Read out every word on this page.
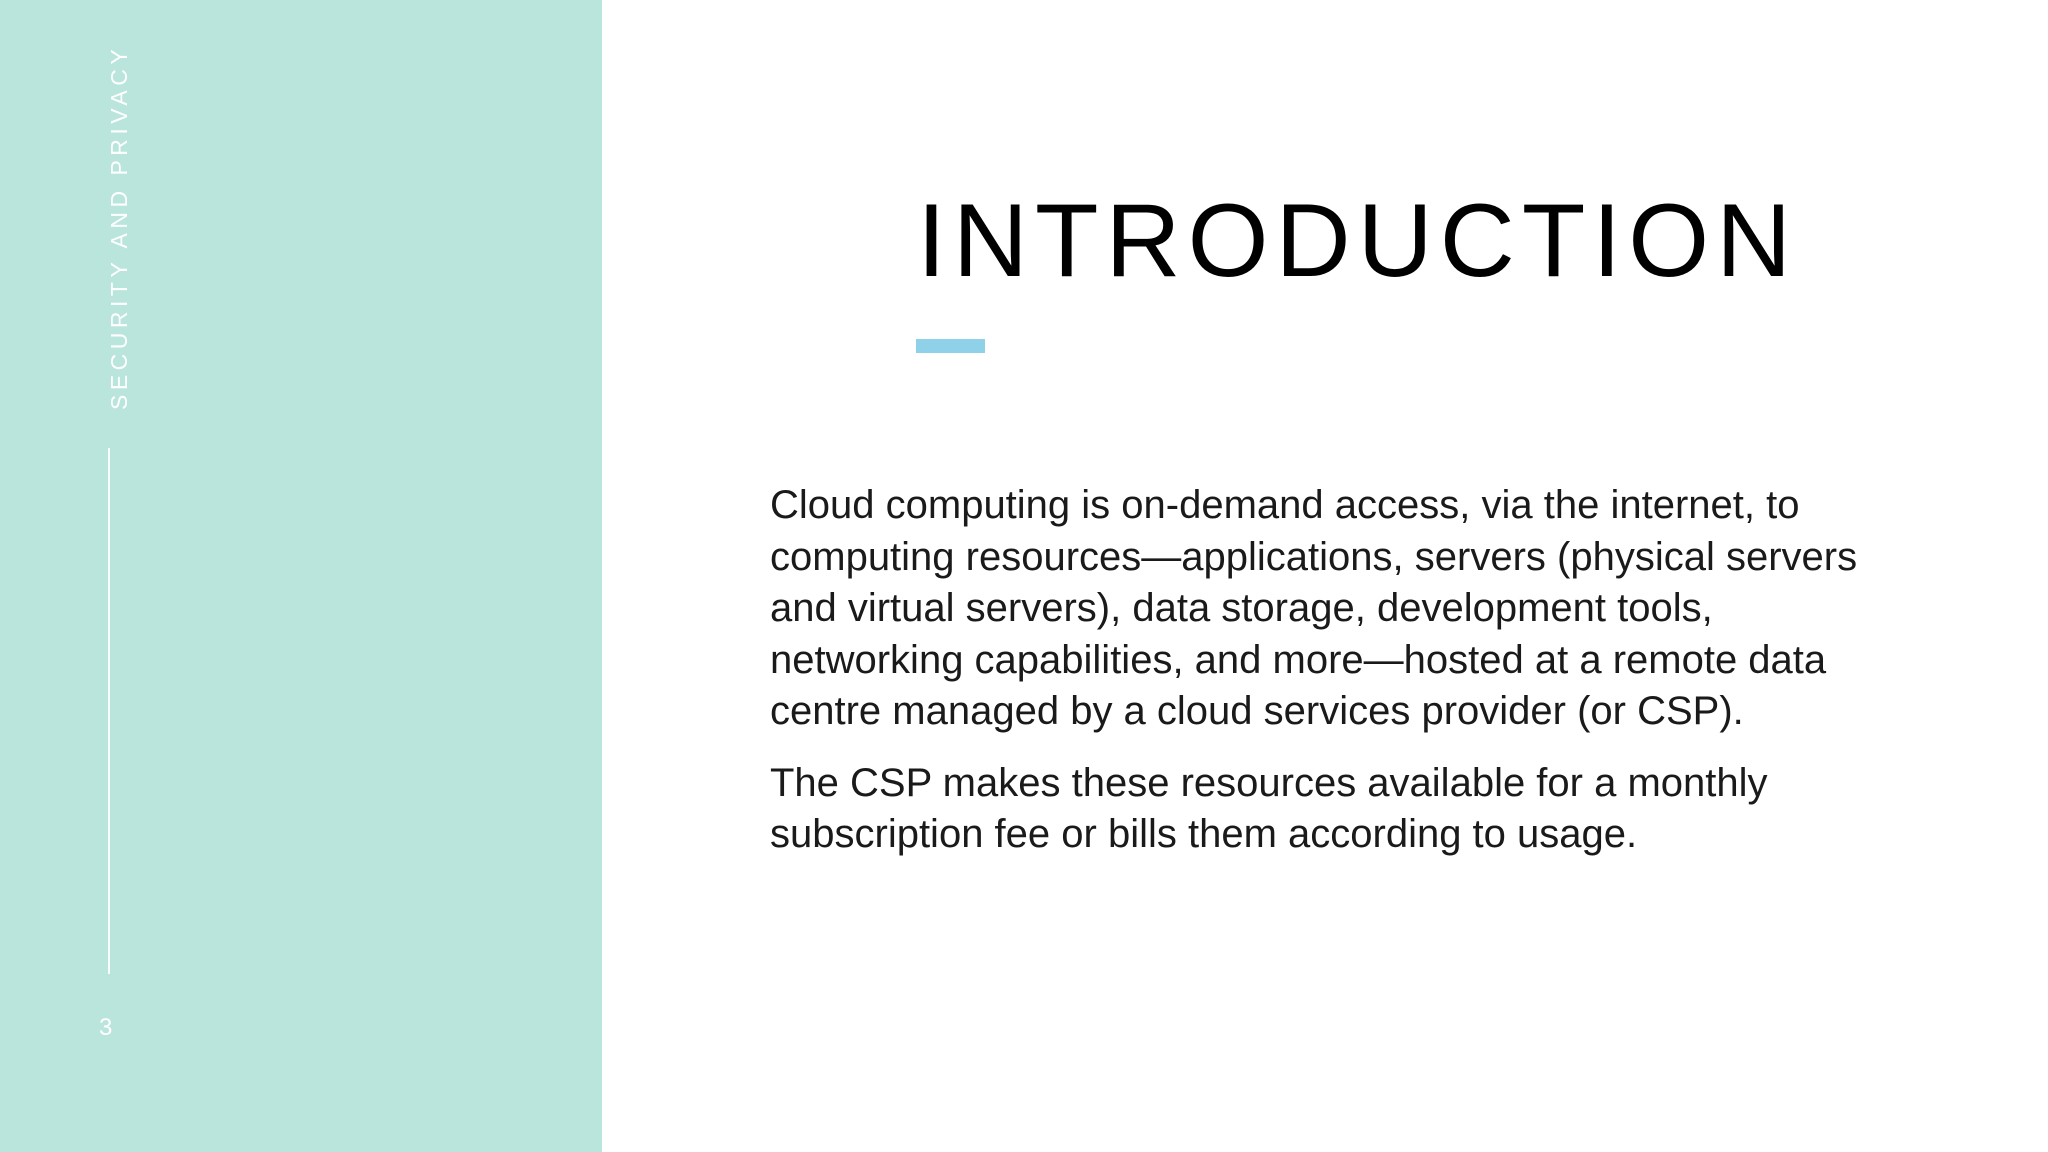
SECURITY AND PRIVACY
3
INTRODUCTION

Cloud computing is on-demand access, via the internet, to computing resources—applications, servers (physical servers and virtual servers), data storage, development tools, networking capabilities, and more—hosted at a remote data centre managed by a cloud services provider (or CSP).

The CSP makes these resources available for a monthly subscription fee or bills them according to usage.
